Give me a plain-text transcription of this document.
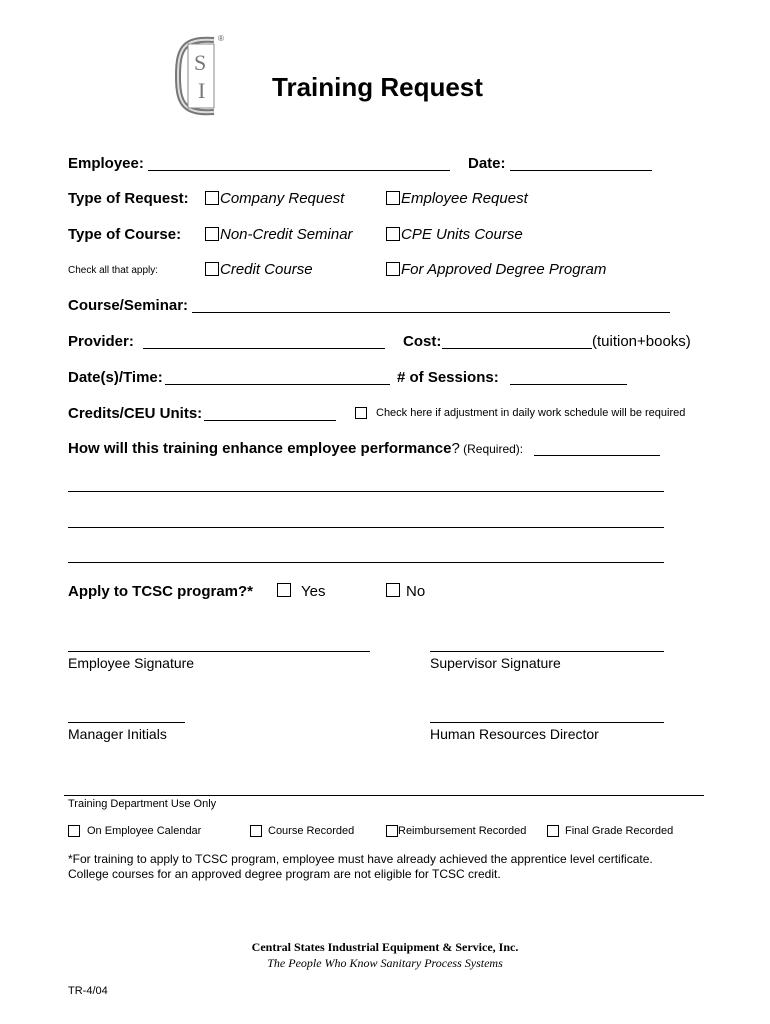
S
I
®
Training Request
Employee:	Date:
Type of Request: Company Request	Employee Request
Type of Course:	Non-Credit Seminar	CPE Units Course
Check all that apply:	Credit Course	For Approved Degree Program
Course/Seminar:
Provider:	Cost:	(tuition+books)
Date(s)/Time:	# of Sessions:
Credits/CEU Units:	Check here if adjustment in daily work schedule will be required
How will this training enhance employee performance? (Required):
Apply to TCSC program?*	Yes	No
Employee Signature	Supervisor Signature
Manager Initials	Human Resources Director
Training Department Use Only
On Employee Calendar	Course Recorded	Reimbursement Recorded	Final Grade Recorded
*For training to apply to TCSC program, employee must have already achieved the apprentice level certificate.
College courses for an approved degree program are not eligible for TCSC credit.
Central States Industrial Equipment & Service, Inc.
The People Who Know Sanitary Process Systems
TR-4/04
